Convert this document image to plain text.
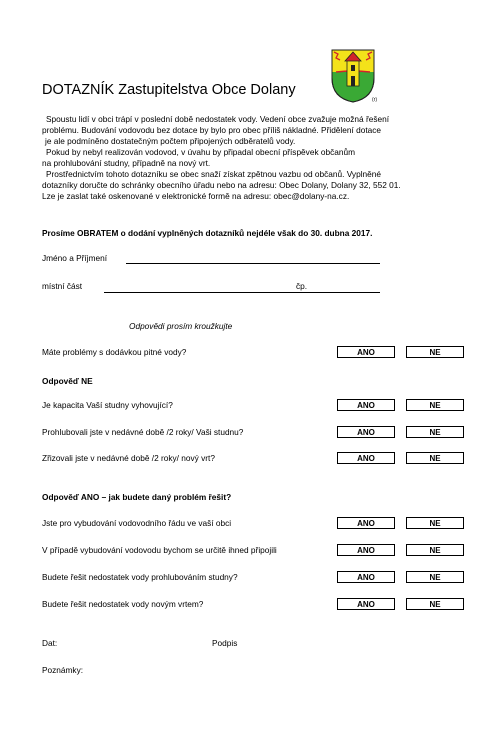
(r)
DOTAZNÍK Zastupitelstva Obce Dolany
Spoustu lidí v obci trápí v poslední době nedostatek vody. Vedení obce zvažuje možná řešení
problému. Budování vodovodu bez dotace by bylo pro obec příliš nákladné. Přidělení dotace
je ale podmíněno dostatečným počtem připojených odběratelů vody.
Pokud by nebyl realizován vodovod, v úvahu by připadal obecní příspěvek občanům
na prohlubování studny, případně na nový vrt.
Prostřednictvím tohoto dotazníku se obec snaží získat zpětnou vazbu od občanů. Vyplněné
dotazníky doručte do schránky obecního úřadu nebo na adresu: Obec Dolany, Dolany 32, 552 01.
Lze je zaslat také oskenované v elektronické formě na adresu: obec@dolany-na.cz.
Prosíme OBRATEM o dodání vyplněných dotazníků nejdéle však do 30. dubna 2017.
Jméno a Příjmení
místní část	čp.
Odpovědi prosím kroužkujte
Máte problémy s dodávkou pitné vody?	ANO	NE
Odpověď NE
Je kapacita Vaší studny vyhovující?	ANO	NE
Prohlubovali jste v nedávné době /2 roky/ Vaši studnu?	ANO	NE
Zřizovali jste v nedávné době /2 roky/ nový vrt?	ANO	NE
Odpověď ANO – jak budete daný problém řešit?
Jste pro vybudování vodovodního řádu ve vaší obci	ANO	NE
V případě vybudování vodovodu bychom se určitě ihned připojili	ANO	NE
Budete řešit nedostatek vody prohlubováním studny?	ANO	NE
Budete řešit nedostatek vody novým vrtem?	ANO	NE
Dat:	Podpis
Poznámky:
